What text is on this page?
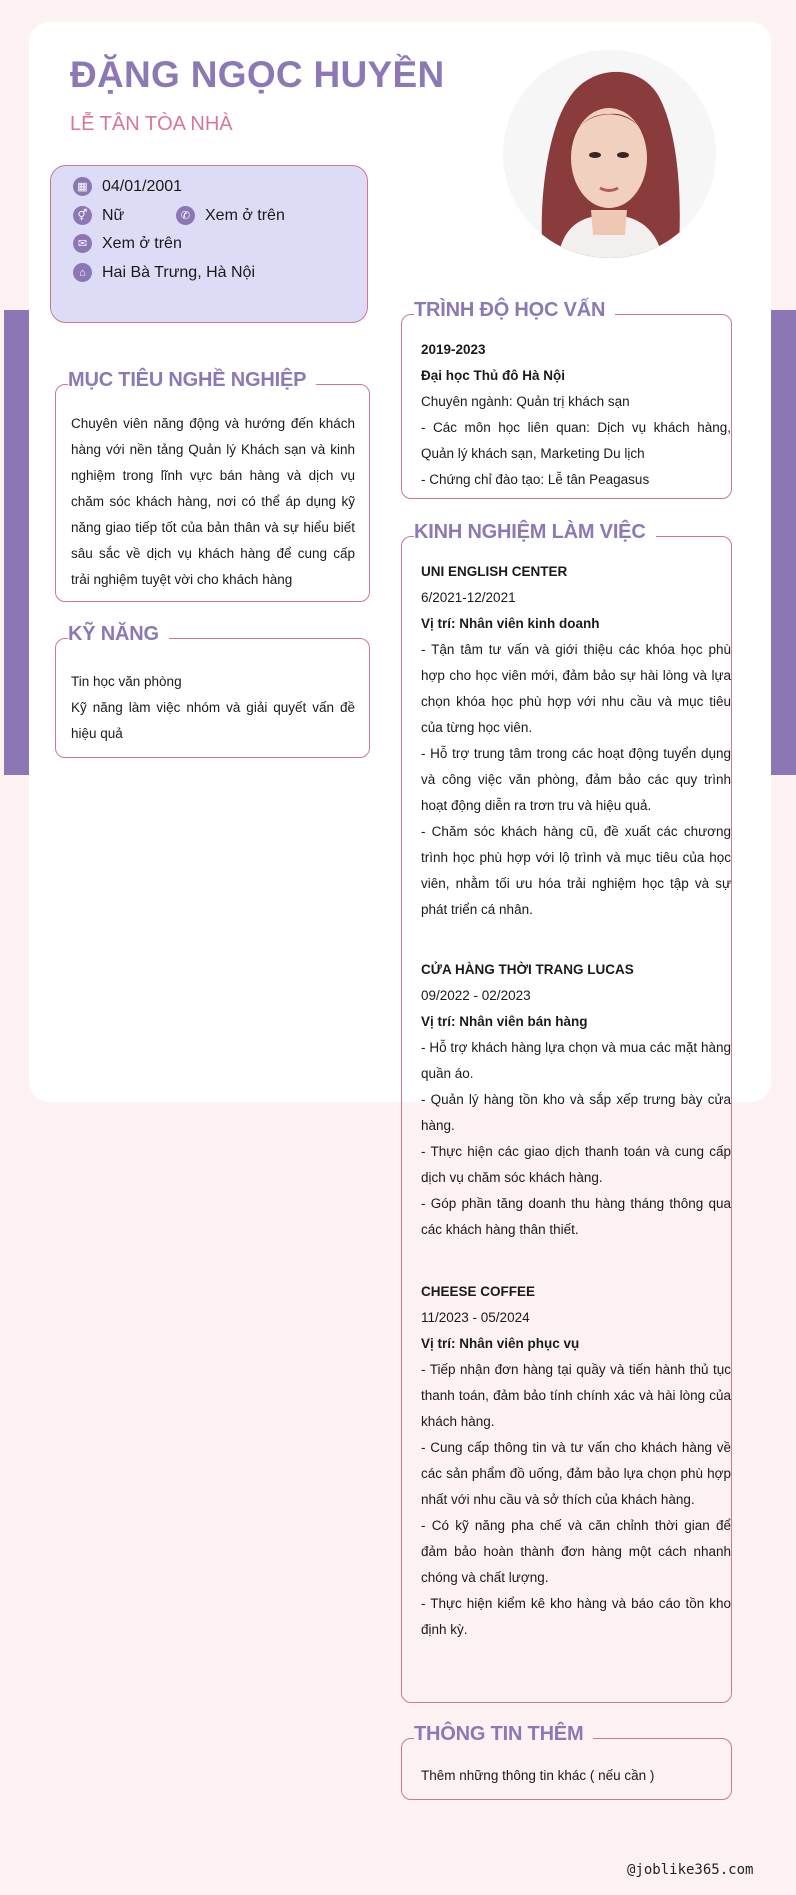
ĐẶNG NGỌC HUYỀN
LỄ TÂN TÒA NHÀ
▦ 04/01/2001
⚥ Nữ	✆ Xem ở trên
✉ Xem ở trên
⌂	Hai Bà Trưng, Hà Nội
MỤC TIÊU NGHỀ NGHIỆP
Chuyên viên năng động và hướng đến khách hàng với nền tảng Quản lý Khách sạn và kinh nghiệm trong lĩnh vực bán hàng và dịch vụ chăm sóc khách hàng, nơi có thể áp dụng kỹ năng giao tiếp tốt của bản thân và sự hiểu biết sâu sắc về dịch vụ khách hàng để cung cấp trải nghiệm tuyệt vời cho khách hàng
KỸ NĂNG
Tin học văn phòng
Kỹ năng làm việc nhóm và giải quyết vấn đề hiệu quả
TRÌNH ĐỘ HỌC VẤN
2019-2023
Đại học Thủ đô Hà Nội
Chuyên ngành: Quản trị khách sạn
- Các môn học liên quan: Dịch vụ khách hàng, Quản lý khách sạn, Marketing Du lịch
- Chứng chỉ đào tạo: Lễ tân Peagasus
KINH NGHIỆM LÀM VIỆC
UNI ENGLISH CENTER
6/2021-12/2021
Vị trí: Nhân viên kinh doanh
- Tận tâm tư vấn và giới thiệu các khóa học phù hợp cho học viên mới, đảm bảo sự hài lòng và lựa chọn khóa học phù hợp với nhu cầu và mục tiêu của từng học viên.
- Hỗ trợ trung tâm trong các hoạt động tuyển dụng và công việc văn phòng, đảm bảo các quy trình hoạt động diễn ra trơn tru và hiệu quả.
- Chăm sóc khách hàng cũ, đề xuất các chương trình học phù hợp với lộ trình và mục tiêu của học viên, nhằm tối ưu hóa trải nghiệm học tập và sự phát triển cá nhân.
CỬA HÀNG THỜI TRANG LUCAS
09/2022 - 02/2023
Vị trí: Nhân viên bán hàng
- Hỗ trợ khách hàng lựa chọn và mua các mặt hàng quần áo.
- Quản lý hàng tồn kho và sắp xếp trưng bày cửa hàng.
- Thực hiện các giao dịch thanh toán và cung cấp dịch vụ chăm sóc khách hàng.
- Góp phần tăng doanh thu hàng tháng thông qua các khách hàng thân thiết.
CHEESE COFFEE
11/2023 - 05/2024
Vị trí: Nhân viên phục vụ
- Tiếp nhận đơn hàng tại quầy và tiến hành thủ tục thanh toán, đảm bảo tính chính xác và hài lòng của khách hàng.
- Cung cấp thông tin và tư vấn cho khách hàng về các sản phẩm đồ uống, đảm bảo lựa chọn phù hợp nhất với nhu cầu và sở thích của khách hàng.
- Có kỹ năng pha chế và căn chỉnh thời gian để đảm bảo hoàn thành đơn hàng một cách nhanh chóng và chất lượng.
- Thực hiện kiểm kê kho hàng và báo cáo tồn kho định kỳ.
THÔNG TIN THÊM
Thêm những thông tin khác ( nếu cần )
@joblike365.com
